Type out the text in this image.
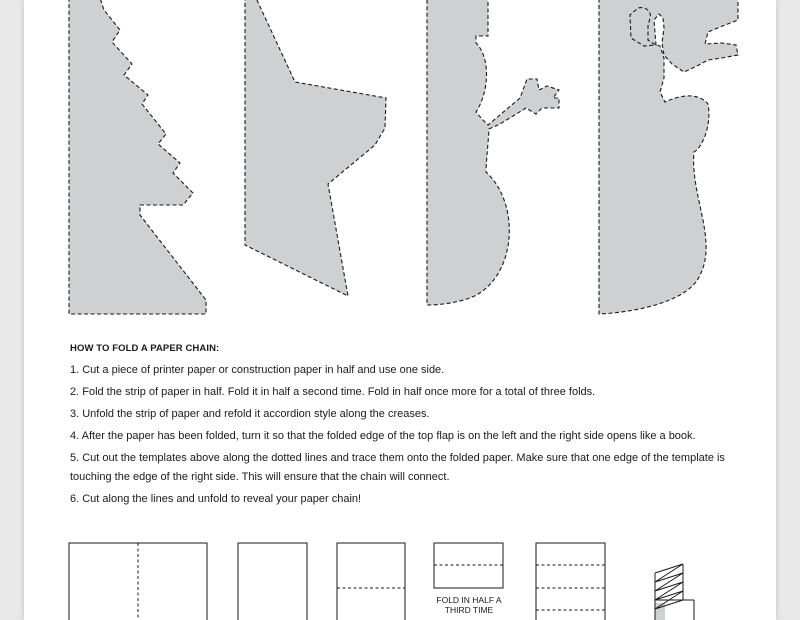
HOW TO FOLD A PAPER CHAIN:
1. Cut a piece of printer paper or construction paper in half and use one side.
2. Fold the strip of paper in half. Fold it in half a second time. Fold in half once more for a total of three folds.
3. Unfold the strip of paper and refold it accordion style along the creases.
4. After the paper has been folded, turn it so that the folded edge of the top flap is on the left and the right side opens like a book.
5. Cut out the templates above along the dotted lines and trace them onto the folded paper. Make sure that one edge of the template is touching the edge of the right side. This will ensure that the chain will connect.
6. Cut along the lines and unfold to reveal your paper chain!
FOLD IN HALF A THIRD TIME
